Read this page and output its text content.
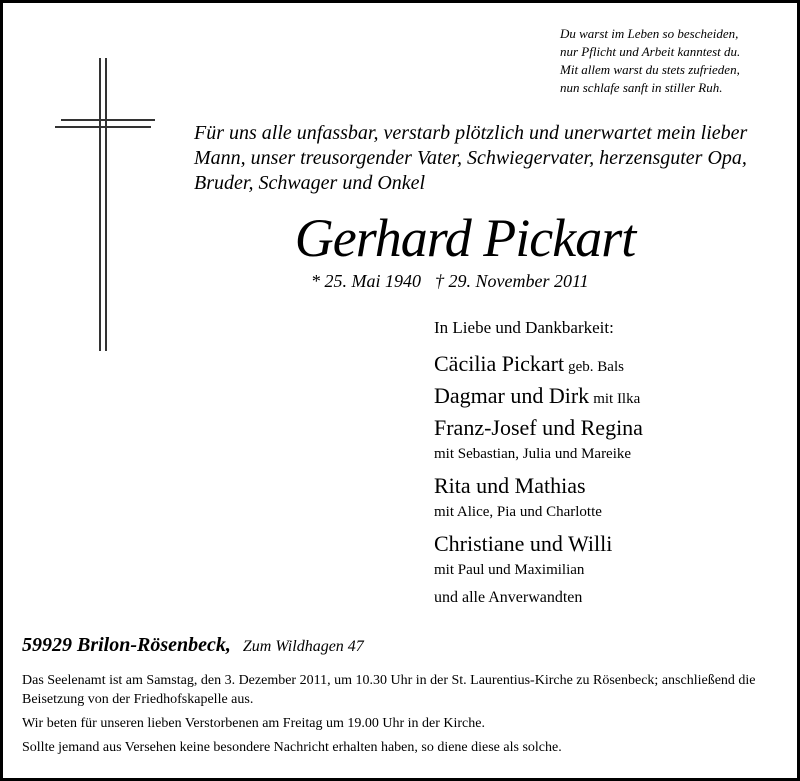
Du warst im Leben so bescheiden,
nur Pflicht und Arbeit kanntest du.
Mit allem warst du stets zufrieden,
nun schlafe sanft in stiller Ruh.
Für uns alle unfassbar, verstarb plötzlich und unerwartet mein lieber
Mann, unser treusorgender Vater, Schwiegervater, herzensguter Opa,
Bruder, Schwager und Onkel
Gerhard Pickart
* 25. Mai 1940 † 29. November 2011
In Liebe und Dankbarkeit:
Cäcilia Pickart geb. Bals
Dagmar und Dirk mit Ilka
Franz-Josef und Regina
mit Sebastian, Julia und Mareike
Rita und Mathias
mit Alice, Pia und Charlotte
Christiane und Willi
mit Paul und Maximilian
und alle Anverwandten
59929 Brilon-Rösenbeck, Zum Wildhagen 47

Das Seelenamt ist am Samstag, den 3. Dezember 2011, um 10.30 Uhr in der St. Laurentius-Kirche zu Rösenbeck; anschließend die Beisetzung von der Friedhofskapelle aus.

Wir beten für unseren lieben Verstorbenen am Freitag um 19.00 Uhr in der Kirche.

Sollte jemand aus Versehen keine besondere Nachricht erhalten haben, so diene diese als solche.
